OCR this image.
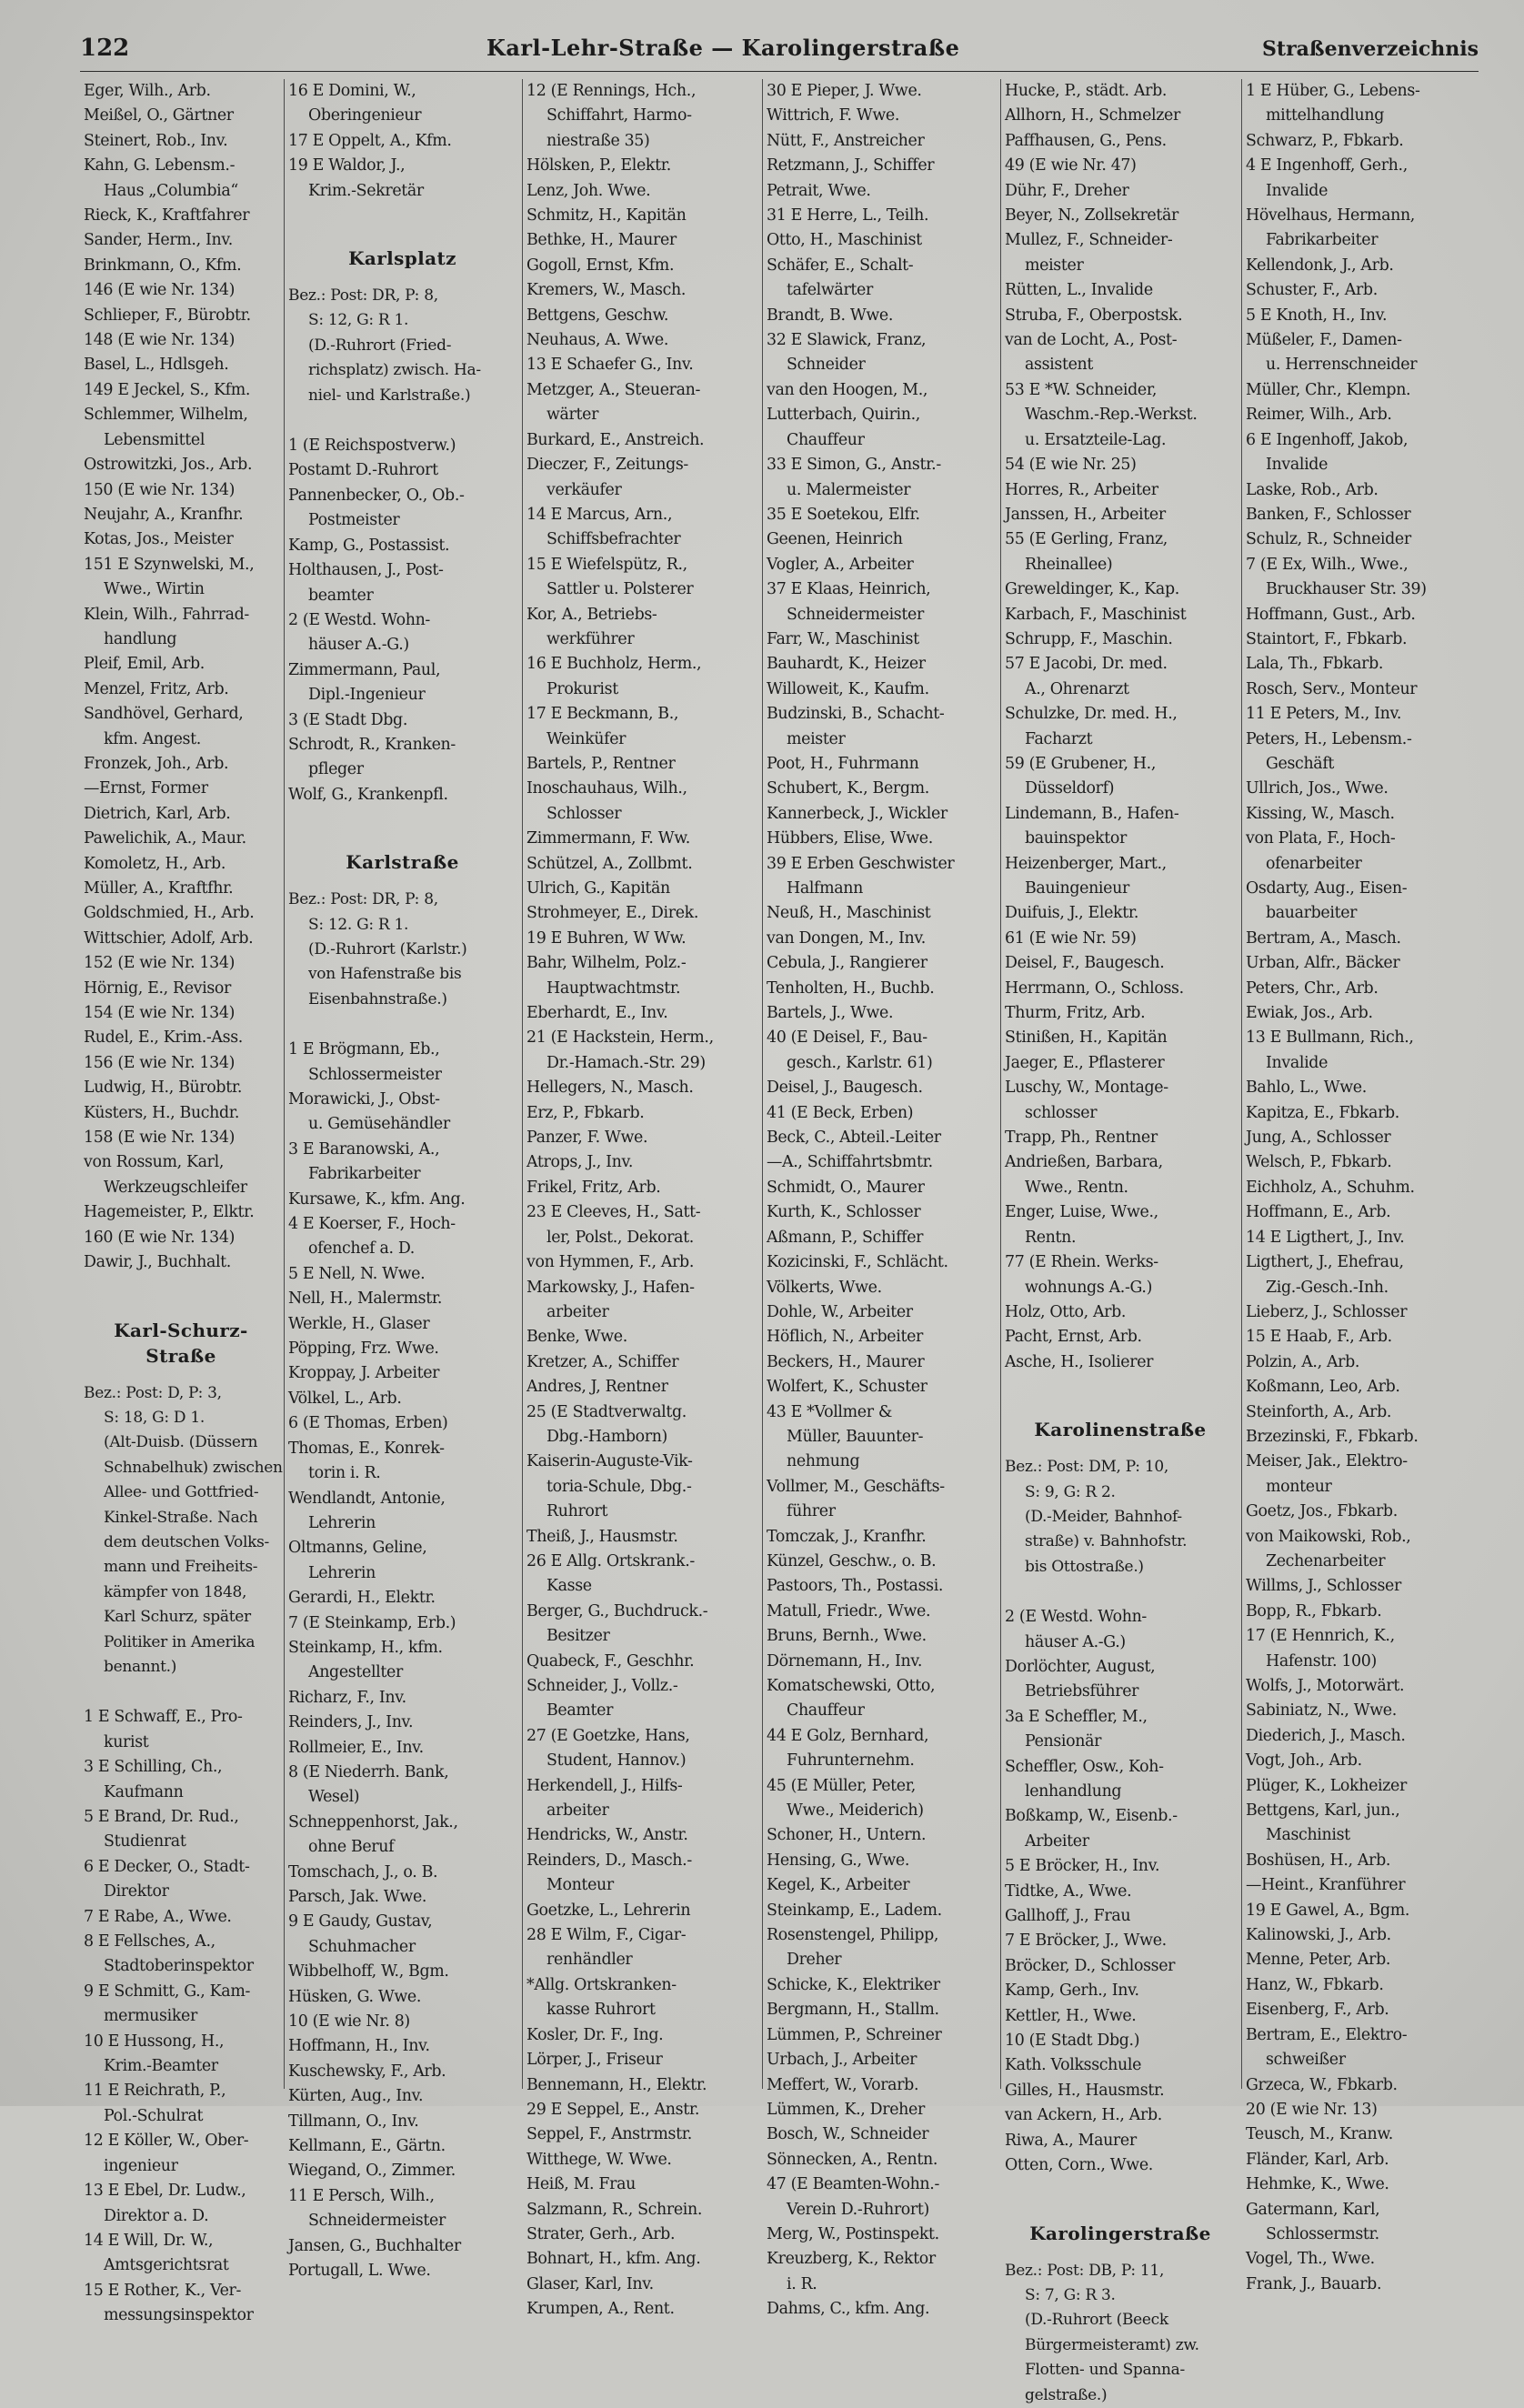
122	Karl-Lehr-Straße — Karolingerstraße	Straßenverzeichnis
Eger, Wilh., Arb.
Meißel, O., Gärtner
Steinert, Rob., Inv.
Kahn, G. Lebensm.-
Haus „Columbia“
Rieck, K., Kraftfahrer
Sander, Herm., Inv.
Brinkmann, O., Kfm.
146 (E wie Nr. 134)
Schlieper, F., Bürobtr.
148 (E wie Nr. 134)
Basel, L., Hdlsgeh.
149 E Jeckel, S., Kfm.
Schlemmer, Wilhelm,
Lebensmittel
Ostrowitzki, Jos., Arb.
150 (E wie Nr. 134)
Neujahr, A., Kranfhr.
Kotas, Jos., Meister
151 E Szynwelski, M.,
Wwe., Wirtin
Klein, Wilh., Fahrrad-
handlung
Pleif, Emil, Arb.
Menzel, Fritz, Arb.
Sandhövel, Gerhard,
kfm. Angest.
Fronzek, Joh., Arb.
—Ernst, Former
Dietrich, Karl, Arb.
Pawelichik, A., Maur.
Komoletz, H., Arb.
Müller, A., Kraftfhr.
Goldschmied, H., Arb.
Wittschier, Adolf, Arb.
152 (E wie Nr. 134)
Hörnig, E., Revisor
154 (E wie Nr. 134)
Rudel, E., Krim.-Ass.
156 (E wie Nr. 134)
Ludwig, H., Bürobtr.
Küsters, H., Buchdr.
158 (E wie Nr. 134)
von Rossum, Karl,
Werkzeugschleifer
Hagemeister, P., Elktr.
160 (E wie Nr. 134)
Dawir, J., Buchhalt.
Karl-Schurz-Straße
Bez.: Post: D, P: 3,
S: 18, G: D 1.
(Alt-Duisb. (Düssern
Schnabelhuk) zwischen
Allee- und Gottfried-
Kinkel-Straße. Nach
dem deutschen Volks-
mann und Freiheits-
kämpfer von 1848,
Karl Schurz, später
Politiker in Amerika
benannt.)
1 E Schwaff, E., Pro-
kurist
3 E Schilling, Ch.,
Kaufmann
5 E Brand, Dr. Rud.,
Studienrat
6 E Decker, O., Stadt-
Direktor
7 E Rabe, A., Wwe.
8 E Fellsches, A.,
Stadtoberinspektor
9 E Schmitt, G., Kam-
mermusiker
10 E Hussong, H.,
Krim.-Beamter
11 E Reichrath, P.,
Pol.-Schulrat
12 E Köller, W., Ober-
ingenieur
13 E Ebel, Dr. Ludw.,
Direktor a. D.
14 E Will, Dr. W.,
Amtsgerichtsrat
15 E Rother, K., Ver-
messungsinspektor
16 E Domini, W.,
Oberingenieur
17 E Oppelt, A., Kfm.
19 E Waldor, J.,
Krim.-Sekretär
Karlsplatz
Bez.: Post: DR, P: 8,
S: 12, G: R 1.
(D.-Ruhrort (Fried-
richsplatz) zwisch. Ha-
niel- und Karlstraße.)
1 (E Reichspostverw.)
Postamt D.-Ruhrort
Pannenbecker, O., Ob.-
Postmeister
Kamp, G., Postassist.
Holthausen, J., Post-
beamter
2 (E Westd. Wohn-
häuser A.-G.)
Zimmermann, Paul,
Dipl.-Ingenieur
3 (E Stadt Dbg.
Schrodt, R., Kranken-
pfleger
Wolf, G., Krankenpfl.
Karlstraße
Bez.: Post: DR, P: 8,
S: 12. G: R 1.
(D.-Ruhrort (Karlstr.)
von Hafenstraße bis
Eisenbahnstraße.)
1 E Brögmann, Eb.,
Schlossermeister
Morawicki, J., Obst-
u. Gemüsehändler
3 E Baranowski, A.,
Fabrikarbeiter
Kursawe, K., kfm. Ang.
4 E Koerser, F., Hoch-
ofenchef a. D.
5 E Nell, N. Wwe.
Nell, H., Malermstr.
Werkle, H., Glaser
Pöpping, Frz. Wwe.
Kroppay, J. Arbeiter
Völkel, L., Arb.
6 (E Thomas, Erben)
Thomas, E., Konrek-
torin i. R.
Wendlandt, Antonie,
Lehrerin
Oltmanns, Geline,
Lehrerin
Gerardi, H., Elektr.
7 (E Steinkamp, Erb.)
Steinkamp, H., kfm.
Angestellter
Richarz, F., Inv.
Reinders, J., Inv.
Rollmeier, E., Inv.
8 (E Niederrh. Bank,
Wesel)
Schneppenhorst, Jak.,
ohne Beruf
Tomschach, J., o. B.
Parsch, Jak. Wwe.
9 E Gaudy, Gustav,
Schuhmacher
Wibbelhoff, W., Bgm.
Hüsken, G. Wwe.
10 (E wie Nr. 8)
Hoffmann, H., Inv.
Kuschewsky, F., Arb.
Kürten, Aug., Inv.
Tillmann, O., Inv.
Kellmann, E., Gärtn.
Wiegand, O., Zimmer.
11 E Persch, Wilh.,
Schneidermeister
Jansen, G., Buchhalter
Portugall, L. Wwe.
12 (E Rennings, Hch.,
Schiffahrt, Harmo-
niestraße 35)
Hölsken, P., Elektr.
Lenz, Joh. Wwe.
Schmitz, H., Kapitän
Bethke, H., Maurer
Gogoll, Ernst, Kfm.
Kremers, W., Masch.
Bettgens, Geschw.
Neuhaus, A. Wwe.
13 E Schaefer G., Inv.
Metzger, A., Steueran-
wärter
Burkard, E., Anstreich.
Dieczer, F., Zeitungs-
verkäufer
14 E Marcus, Arn.,
Schiffsbefrachter
15 E Wiefelspütz, R.,
Sattler u. Polsterer
Kor, A., Betriebs-
werkführer
16 E Buchholz, Herm.,
Prokurist
17 E Beckmann, B.,
Weinküfer
Bartels, P., Rentner
Inoschauhaus, Wilh.,
Schlosser
Zimmermann, F. Ww.
Schützel, A., Zollbmt.
Ulrich, G., Kapitän
Strohmeyer, E., Direk.
19 E Buhren, W Ww.
Bahr, Wilhelm, Polz.-
Hauptwachtmstr.
Eberhardt, E., Inv.
21 (E Hackstein, Herm.,
Dr.-Hamach.-Str. 29)
Hellegers, N., Masch.
Erz, P., Fbkarb.
Panzer, F. Wwe.
Atrops, J., Inv.
Frikel, Fritz, Arb.
23 E Cleeves, H., Satt-
ler, Polst., Dekorat.
von Hymmen, F., Arb.
Markowsky, J., Hafen-
arbeiter
Benke, Wwe.
Kretzer, A., Schiffer
Andres, J, Rentner
25 (E Stadtverwaltg.
Dbg.-Hamborn)
Kaiserin-Auguste-Vik-
toria-Schule, Dbg.-
Ruhrort
Theiß, J., Hausmstr.
26 E Allg. Ortskrank.-
Kasse
Berger, G., Buchdruck.-
Besitzer
Quabeck, F., Geschhr.
Schneider, J., Vollz.-
Beamter
27 (E Goetzke, Hans,
Student, Hannov.)
Herkendell, J., Hilfs-
arbeiter
Hendricks, W., Anstr.
Reinders, D., Masch.-
Monteur
Goetzke, L., Lehrerin
28 E Wilm, F., Cigar-
renhändler
*Allg. Ortskranken-
kasse Ruhrort
Kosler, Dr. F., Ing.
Lörper, J., Friseur
Bennemann, H., Elektr.
29 E Seppel, E., Anstr.
Seppel, F., Anstrmstr.
Witthege, W. Wwe.
Heiß, M. Frau
Salzmann, R., Schrein.
Strater, Gerh., Arb.
Bohnart, H., kfm. Ang.
Glaser, Karl, Inv.
Krumpen, A., Rent.
30 E Pieper, J. Wwe.
Wittrich, F. Wwe.
Nütt, F., Anstreicher
Retzmann, J., Schiffer
Petrait, Wwe.
31 E Herre, L., Teilh.
Otto, H., Maschinist
Schäfer, E., Schalt-
tafelwärter
Brandt, B. Wwe.
32 E Slawick, Franz,
Schneider
van den Hoogen, M.,
Lutterbach, Quirin.,
Chauffeur
33 E Simon, G., Anstr.-
u. Malermeister
35 E Soetekou, Elfr.
Geenen, Heinrich
Vogler, A., Arbeiter
37 E Klaas, Heinrich,
Schneidermeister
Farr, W., Maschinist
Bauhardt, K., Heizer
Willoweit, K., Kaufm.
Budzinski, B., Schacht-
meister
Poot, H., Fuhrmann
Schubert, K., Bergm.
Kannerbeck, J., Wickler
Hübbers, Elise, Wwe.
39 E Erben Geschwister
Halfmann
Neuß, H., Maschinist
van Dongen, M., Inv.
Cebula, J., Rangierer
Tenholten, H., Buchb.
Bartels, J., Wwe.
40 (E Deisel, F., Bau-
gesch., Karlstr. 61)
Deisel, J., Baugesch.
41 (E Beck, Erben)
Beck, C., Abteil.-Leiter
—A., Schiffahrtsbmtr.
Schmidt, O., Maurer
Kurth, K., Schlosser
Aßmann, P., Schiffer
Kozicinski, F., Schlächt.
Völkerts, Wwe.
Dohle, W., Arbeiter
Höflich, N., Arbeiter
Beckers, H., Maurer
Wolfert, K., Schuster
43 E *Vollmer &
Müller, Bauunter-
nehmung
Vollmer, M., Geschäfts-
führer
Tomczak, J., Kranfhr.
Künzel, Geschw., o. B.
Pastoors, Th., Postassi.
Matull, Friedr., Wwe.
Bruns, Bernh., Wwe.
Dörnemann, H., Inv.
Komatschewski, Otto,
Chauffeur
44 E Golz, Bernhard,
Fuhrunternehm.
45 (E Müller, Peter,
Wwe., Meiderich)
Schoner, H., Untern.
Hensing, G., Wwe.
Kegel, K., Arbeiter
Steinkamp, E., Ladem.
Rosenstengel, Philipp,
Dreher
Schicke, K., Elektriker
Bergmann, H., Stallm.
Lümmen, P., Schreiner
Urbach, J., Arbeiter
Meffert, W., Vorarb.
Lümmen, K., Dreher
Bosch, W., Schneider
Sönnecken, A., Rentn.
47 (E Beamten-Wohn.-
Verein D.-Ruhrort)
Merg, W., Postinspekt.
Kreuzberg, K., Rektor
i. R.
Dahms, C., kfm. Ang.
Hucke, P., städt. Arb.
Allhorn, H., Schmelzer
Paffhausen, G., Pens.
49 (E wie Nr. 47)
Dühr, F., Dreher
Beyer, N., Zollsekretär
Mullez, F., Schneider-
meister
Rütten, L., Invalide
Struba, F., Oberpostsk.
van de Locht, A., Post-
assistent
53 E *W. Schneider,
Waschm.-Rep.-Werkst.
u. Ersatzteile-Lag.
54 (E wie Nr. 25)
Horres, R., Arbeiter
Janssen, H., Arbeiter
55 (E Gerling, Franz,
Rheinallee)
Greweldinger, K., Kap.
Karbach, F., Maschinist
Schrupp, F., Maschin.
57 E Jacobi, Dr. med.
A., Ohrenarzt
Schulzke, Dr. med. H.,
Facharzt
59 (E Grubener, H.,
Düsseldorf)
Lindemann, B., Hafen-
bauinspektor
Heizenberger, Mart.,
Bauingenieur
Duifuis, J., Elektr.
61 (E wie Nr. 59)
Deisel, F., Baugesch.
Herrmann, O., Schloss.
Thurm, Fritz, Arb.
Stinißen, H., Kapitän
Jaeger, E., Pflasterer
Luschy, W., Montage-
schlosser
Trapp, Ph., Rentner
Andrießen, Barbara,
Wwe., Rentn.
Enger, Luise, Wwe.,
Rentn.
77 (E Rhein. Werks-
wohnungs A.-G.)
Holz, Otto, Arb.
Pacht, Ernst, Arb.
Asche, H., Isolierer
Karolinenstraße
Bez.: Post: DM, P: 10,
S: 9, G: R 2.
(D.-Meider, Bahnhof-
straße) v. Bahnhofstr.
bis Ottostraße.)
2 (E Westd. Wohn-
häuser A.-G.)
Dorlöchter, August,
Betriebsführer
3a E Scheffler, M.,
Pensionär
Scheffler, Osw., Koh-
lenhandlung
Boßkamp, W., Eisenb.-
Arbeiter
5 E Bröcker, H., Inv.
Tidtke, A., Wwe.
Gallhoff, J., Frau
7 E Bröcker, J., Wwe.
Bröcker, D., Schlosser
Kamp, Gerh., Inv.
Kettler, H., Wwe.
10 (E Stadt Dbg.)
Kath. Volksschule
Gilles, H., Hausmstr.
van Ackern, H., Arb.
Riwa, A., Maurer
Otten, Corn., Wwe.
Karolingerstraße
Bez.: Post: DB, P: 11,
S: 7, G: R 3.
(D.-Ruhrort (Beeck
Bürgermeisteramt) zw.
Flotten- und Spanna-
gelstraße.)
1 E Hüber, G., Lebens-
mittelhandlung
Schwarz, P., Fbkarb.
4 E Ingenhoff, Gerh.,
Invalide
Hövelhaus, Hermann,
Fabrikarbeiter
Kellendonk, J., Arb.
Schuster, F., Arb.
5 E Knoth, H., Inv.
Müßeler, F., Damen-
u. Herrenschneider
Müller, Chr., Klempn.
Reimer, Wilh., Arb.
6 E Ingenhoff, Jakob,
Invalide
Laske, Rob., Arb.
Banken, F., Schlosser
Schulz, R., Schneider
7 (E Ex, Wilh., Wwe.,
Bruckhauser Str. 39)
Hoffmann, Gust., Arb.
Staintort, F., Fbkarb.
Lala, Th., Fbkarb.
Rosch, Serv., Monteur
11 E Peters, M., Inv.
Peters, H., Lebensm.-
Geschäft
Ullrich, Jos., Wwe.
Kissing, W., Masch.
von Plata, F., Hoch-
ofenarbeiter
Osdarty, Aug., Eisen-
bauarbeiter
Bertram, A., Masch.
Urban, Alfr., Bäcker
Peters, Chr., Arb.
Ewiak, Jos., Arb.
13 E Bullmann, Rich.,
Invalide
Bahlo, L., Wwe.
Kapitza, E., Fbkarb.
Jung, A., Schlosser
Welsch, P., Fbkarb.
Eichholz, A., Schuhm.
Hoffmann, E., Arb.
14 E Ligthert, J., Inv.
Ligthert, J., Ehefrau,
Zig.-Gesch.-Inh.
Lieberz, J., Schlosser
15 E Haab, F., Arb.
Polzin, A., Arb.
Koßmann, Leo, Arb.
Steinforth, A., Arb.
Brzezinski, F., Fbkarb.
Meiser, Jak., Elektro-
monteur
Goetz, Jos., Fbkarb.
von Maikowski, Rob.,
Zechenarbeiter
Willms, J., Schlosser
Bopp, R., Fbkarb.
17 (E Hennrich, K.,
Hafenstr. 100)
Wolfs, J., Motorwärt.
Sabiniatz, N., Wwe.
Diederich, J., Masch.
Vogt, Joh., Arb.
Plüger, K., Lokheizer
Bettgens, Karl, jun.,
Maschinist
Boshüsen, H., Arb.
—Heint., Kranführer
19 E Gawel, A., Bgm.
Kalinowski, J., Arb.
Menne, Peter, Arb.
Hanz, W., Fbkarb.
Eisenberg, F., Arb.
Bertram, E., Elektro-
schweißer
Grzeca, W., Fbkarb.
20 (E wie Nr. 13)
Teusch, M., Kranw.
Fländer, Karl, Arb.
Hehmke, K., Wwe.
Gatermann, Karl,
Schlossermstr.
Vogel, Th., Wwe.
Frank, J., Bauarb.
